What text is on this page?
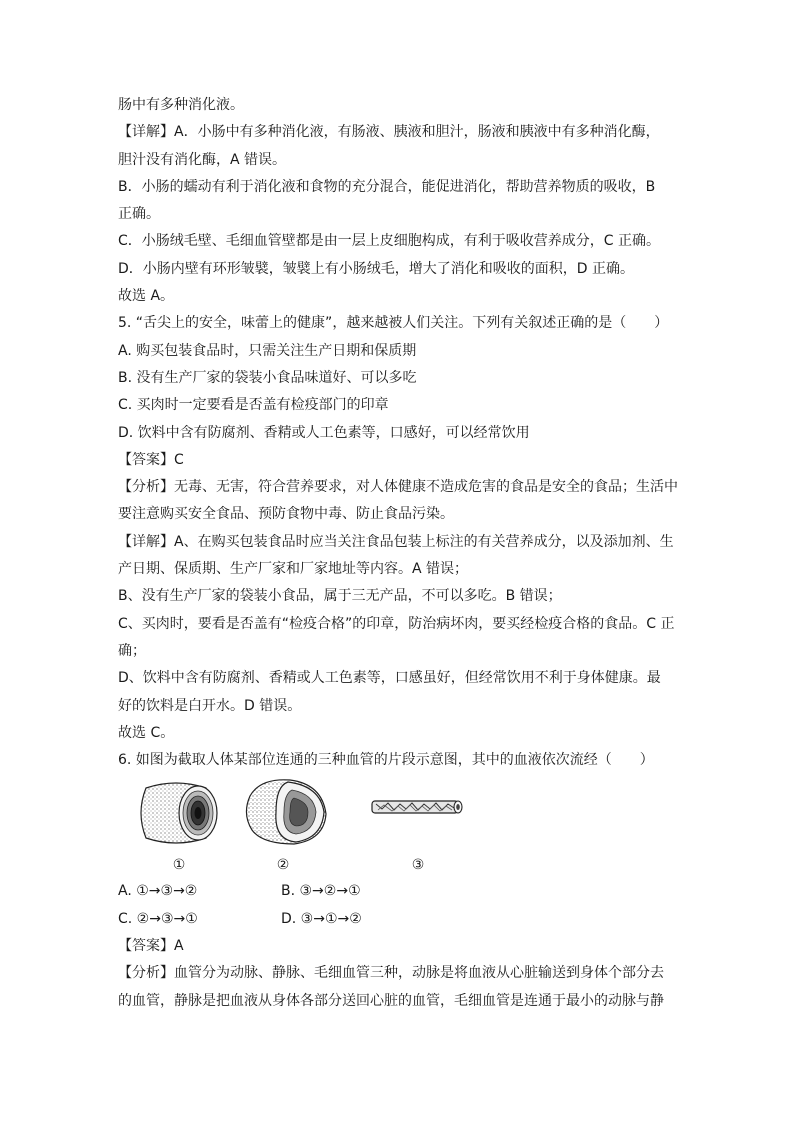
肠中有多种消化液。
【详解】A．小肠中有多种消化液，有肠液、胰液和胆汁，肠液和胰液中有多种消化酶，
胆汁没有消化酶，A 错误。
B．小肠的蠕动有利于消化液和食物的充分混合，能促进消化，帮助营养物质的吸收，B
正确。
C．小肠绒毛壁、毛细血管壁都是由一层上皮细胞构成，有利于吸收营养成分，C 正确。
D．小肠内壁有环形皱襞，皱襞上有小肠绒毛，增大了消化和吸收的面积，D 正确。
故选 A。
5. “舌尖上的安全，味蕾上的健康”，越来越被人们关注。下列有关叙述正确的是（　　）
A. 购买包装食品时，只需关注生产日期和保质期
B. 没有生产厂家的袋装小食品味道好、可以多吃
C. 买肉时一定要看是否盖有检疫部门的印章
D. 饮料中含有防腐剂、香精或人工色素等，口感好，可以经常饮用
【答案】C
【分析】无毒、无害，符合营养要求，对人体健康不造成危害的食品是安全的食品；生活中
要注意购买安全食品、预防食物中毒、防止食品污染。
【详解】A、在购买包装食品时应当关注食品包装上标注的有关营养成分，以及添加剂、生
产日期、保质期、生产厂家和厂家地址等内容。A 错误；
B、没有生产厂家的袋装小食品，属于三无产品，不可以多吃。B 错误；
C、买肉时，要看是否盖有“检疫合格”的印章，防治病坏肉，要买经检疫合格的食品。C 正
确；
D、饮料中含有防腐剂、香精或人工色素等，口感虽好，但经常饮用不利于身体健康。最
好的饮料是白开水。D 错误。
故选 C。
6. 如图为截取人体某部位连通的三种血管的片段示意图，其中的血液依次流经（　　）
①	②	③
A. ①→③→②	B. ③→②→①
C. ②→③→①	D. ③→①→②
【答案】A
【分析】血管分为动脉、静脉、毛细血管三种，动脉是将血液从心脏输送到身体个部分去
的血管，静脉是把血液从身体各部分送回心脏的血管，毛细血管是连通于最小的动脉与静
